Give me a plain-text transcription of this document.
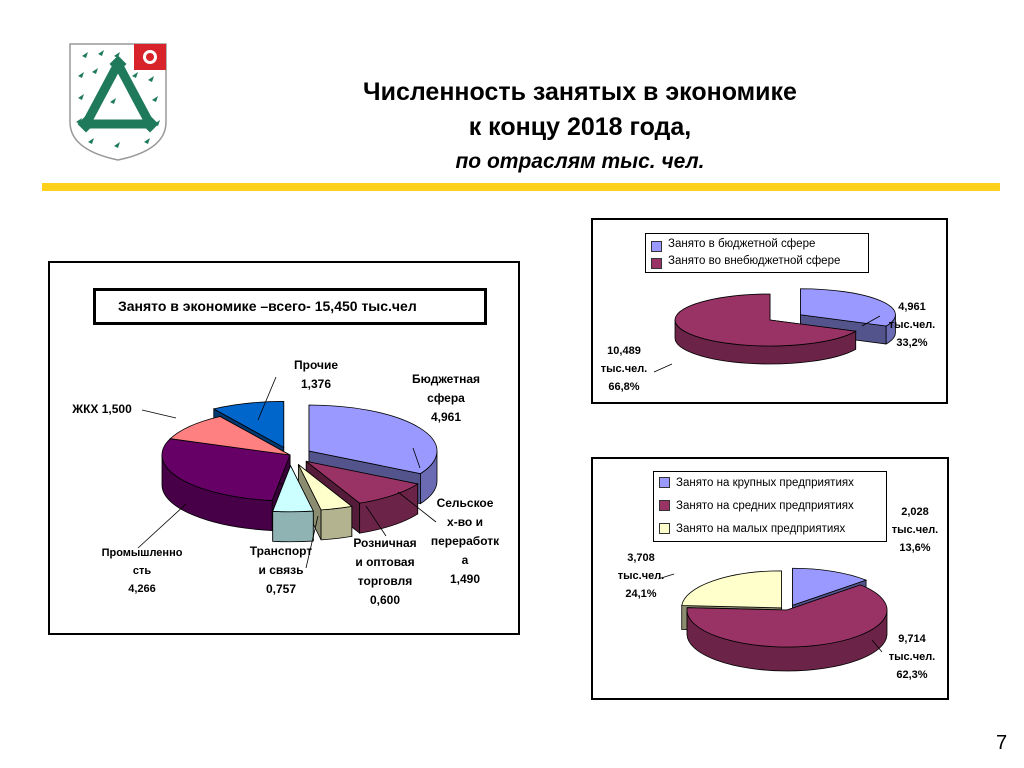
Численность занятых в экономике
к концу 2018 года,
по отраслям тыс. чел.
Занято в экономике –всего- 15,450 тыс.чел
Бюджетная
сфера
4,961
Сельское
х-во и
переработк
а
1,490
Розничная
и оптовая
торговля
0,600
Транспорт
и связь
0,757
Промышленно
сть
4,266
ЖКХ 1,500
Прочие
1,376
Занято в бюджетной сфере
Занято во внебюджетной сфере
4,961
тыс.чел.
33,2%
10,489
тыс.чел.
66,8%
Занято на крупных предприятиях
Занято на средних предприятиях
Занято на малых предприятиях
2,028
тыс.чел.
13,6%
9,714
тыс.чел.
62,3%
3,708
тыс.чел.
24,1%
7
